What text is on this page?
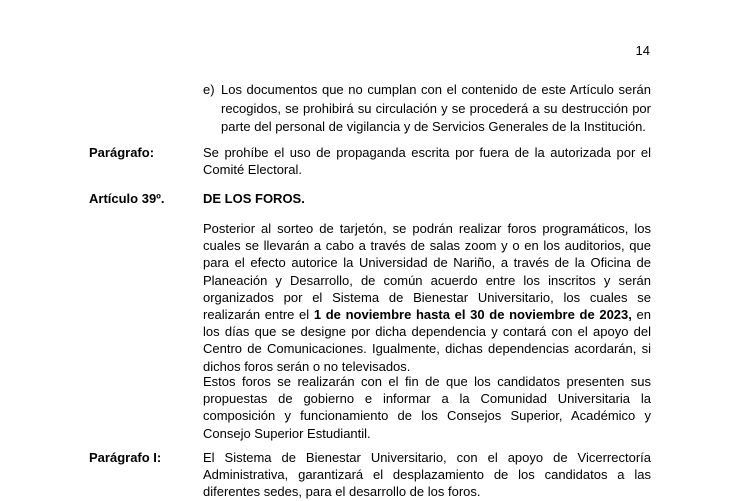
14
e) Los documentos que no cumplan con el contenido de este Artículo serán recogidos, se prohibirá su circulación y se procederá a su destrucción por parte del personal de vigilancia y de Servicios Generales de la Institución.
Parágrafo:	Se prohíbe el uso de propaganda escrita por fuera de la autorizada por el Comité Electoral.
Artículo 39º.	DE LOS FOROS.
Posterior al sorteo de tarjetón, se podrán realizar foros programáticos, los cuales se llevarán a cabo a través de salas zoom y o en los auditorios, que para el efecto autorice la Universidad de Nariño, a través de la Oficina de Planeación y Desarrollo, de común acuerdo entre los inscritos y serán organizados por el Sistema de Bienestar Universitario, los cuales se realizarán entre el 1 de noviembre hasta el 30 de noviembre de 2023, en los días que se designe por dicha dependencia y contará con el apoyo del Centro de Comunicaciones. Igualmente, dichas dependencias acordarán, si dichos foros serán o no televisados.
Estos foros se realizarán con el fin de que los candidatos presenten sus propuestas de gobierno e informar a la Comunidad Universitaria la composición y funcionamiento de los Consejos Superior, Académico y Consejo Superior Estudiantil.
Parágrafo I:	El Sistema de Bienestar Universitario, con el apoyo de Vicerrectoría Administrativa, garantizará el desplazamiento de los candidatos a las diferentes sedes, para el desarrollo de los foros.
